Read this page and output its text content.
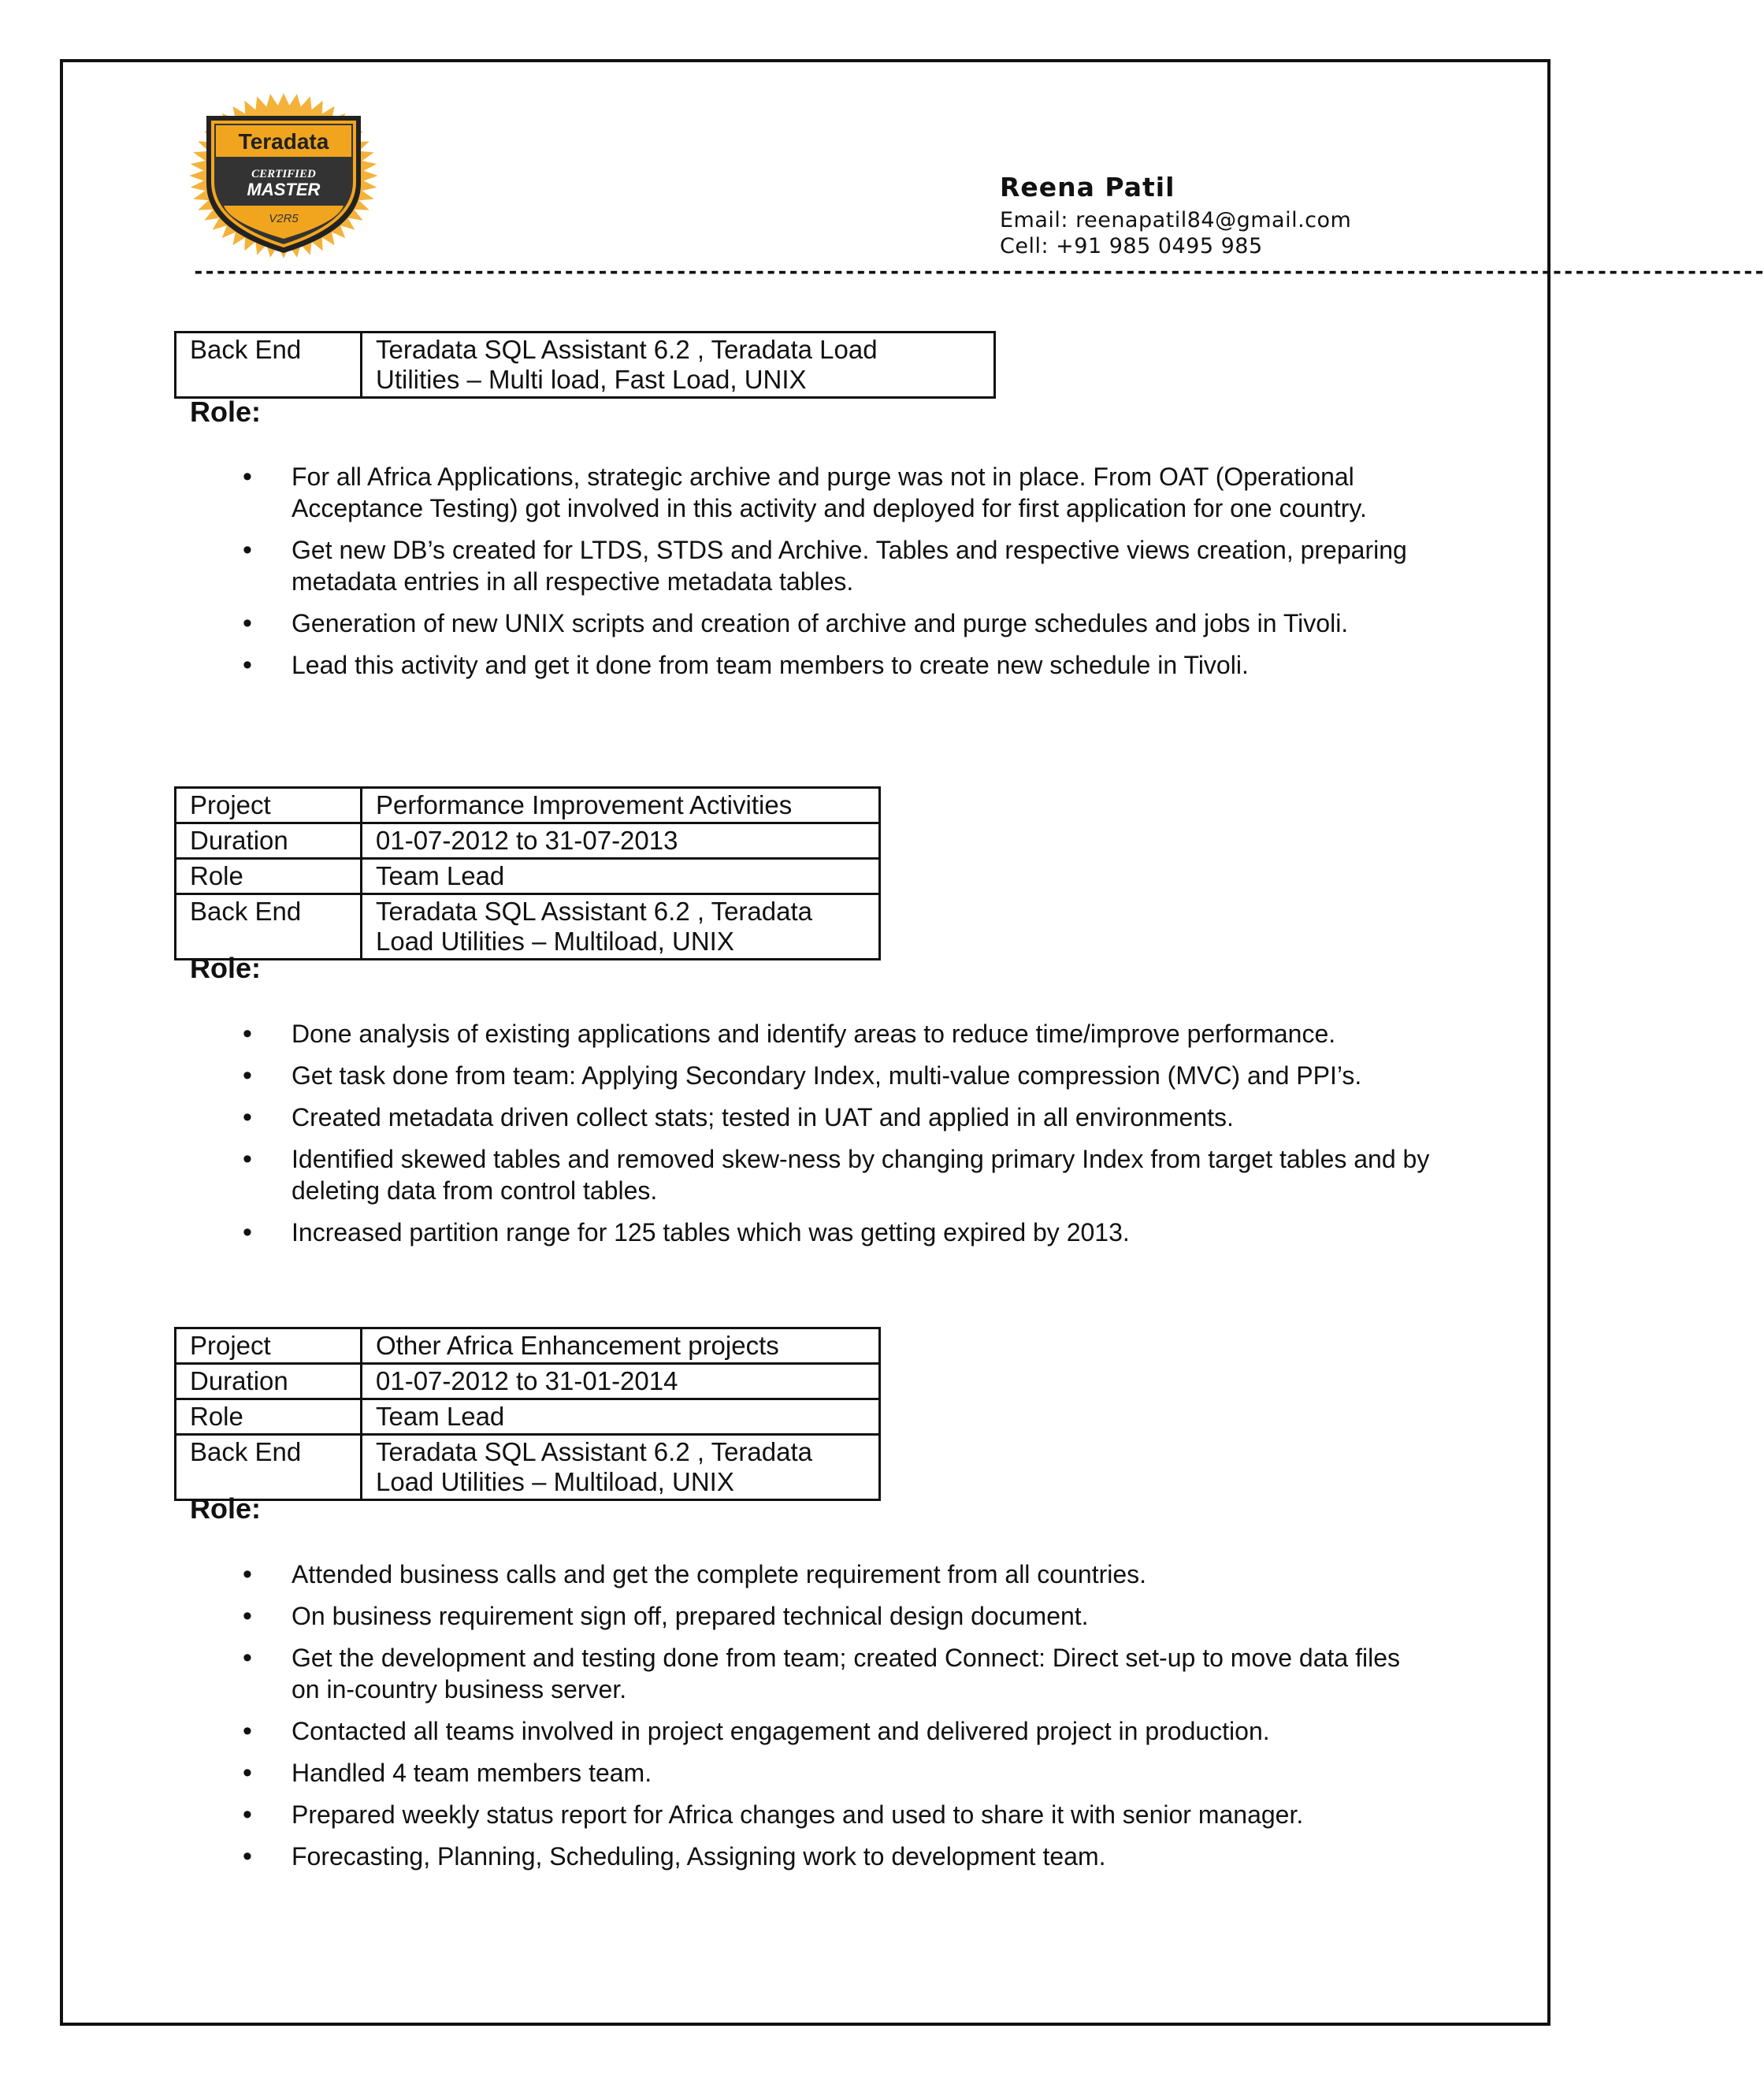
Teradata
CERTIFIED
MASTER
V2R5
Reena Patil
Email: reenapatil84@gmail.com
Cell: +91 985 0495 985
--------------------------------------------------------------------------------------------------------------------------------------------
Back End	Teradata SQL Assistant 6.2 , Teradata Load
Utilities – Multi load, Fast Load, UNIX
Role:
• For all Africa Applications, strategic archive and purge was not in place. From OAT (Operational Acceptance Testing) got involved in this activity and deployed for first application for one country.
• Get new DB’s created for LTDS, STDS and Archive. Tables and respective views creation, preparing metadata entries in all respective metadata tables.
• Generation of new UNIX scripts and creation of archive and purge schedules and jobs in Tivoli.
• Lead this activity and get it done from team members to create new schedule in Tivoli.
Project	Performance Improvement Activities
Duration	01-07-2012 to 31-07-2013
Role	Team Lead
Back End	Teradata SQL Assistant 6.2 , Teradata
Load Utilities – Multiload, UNIX
Role:
• Done analysis of existing applications and identify areas to reduce time/improve performance.
• Get task done from team: Applying Secondary Index, multi-value compression (MVC) and PPI’s.
• Created metadata driven collect stats; tested in UAT and applied in all environments.
• Identified skewed tables and removed skew-ness by changing primary Index from target tables and by deleting data from control tables.
• Increased partition range for 125 tables which was getting expired by 2013.
Project	Other Africa Enhancement projects
Duration	01-07-2012 to 31-01-2014
Role	Team Lead
Back End	Teradata SQL Assistant 6.2 , Teradata
Load Utilities – Multiload, UNIX
Role:
• Attended business calls and get the complete requirement from all countries.
• On business requirement sign off, prepared technical design document.
• Get the development and testing done from team; created Connect: Direct set-up to move data files on in-country business server.
• Contacted all teams involved in project engagement and delivered project in production.
• Handled 4 team members team.
• Prepared weekly status report for Africa changes and used to share it with senior manager.
• Forecasting, Planning, Scheduling, Assigning work to development team.
